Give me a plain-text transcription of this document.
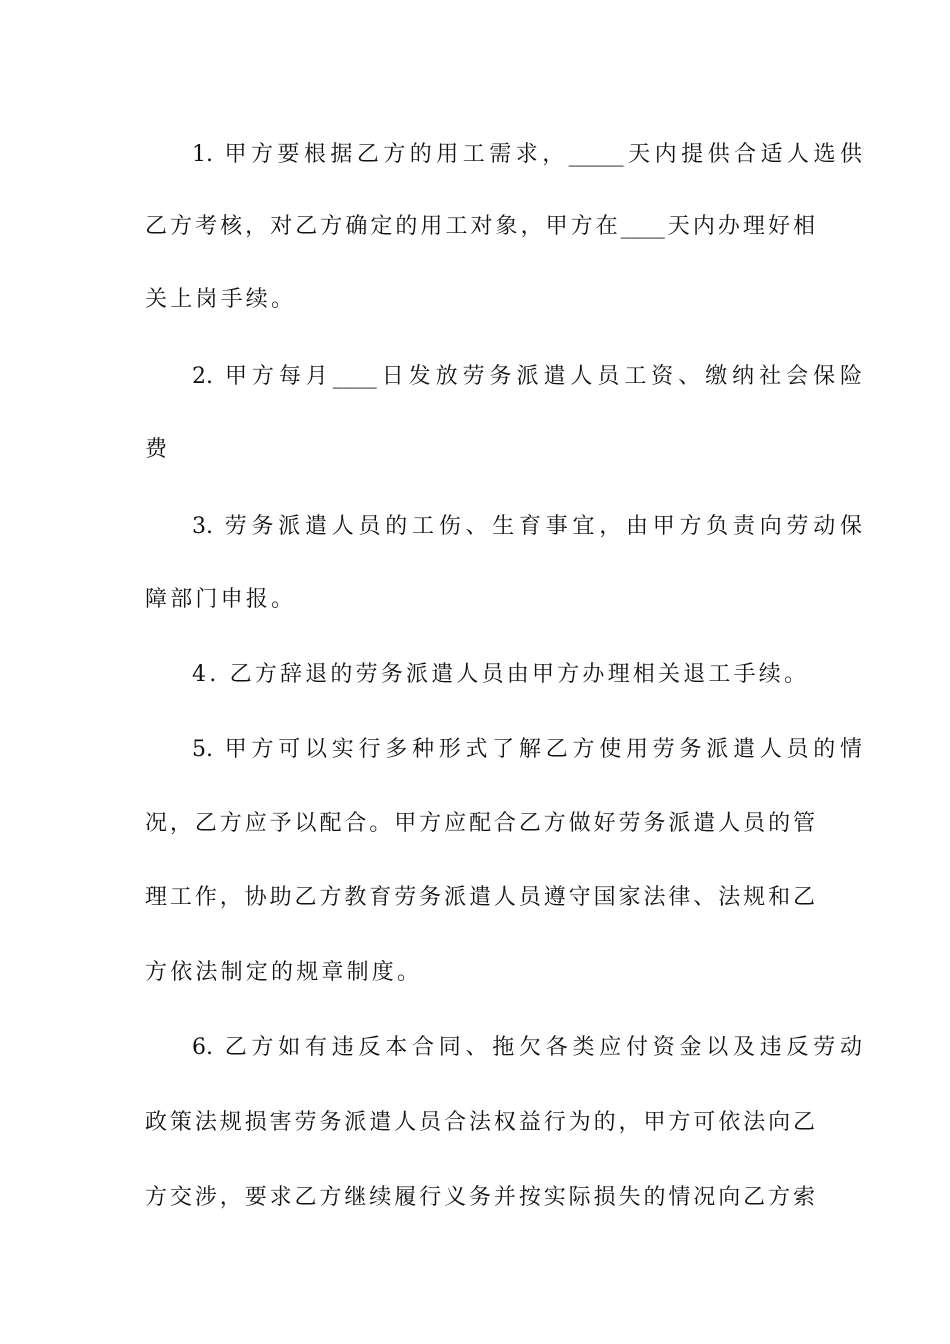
1. 甲方要根据乙方的用工需求，_____天内提供合适人选供
乙方考核，对乙方确定的用工对象，甲方在____天内办理好相
关上岗手续。
2. 甲方每月____日发放劳务派遣人员工资、缴纳社会保险
费
3. 劳务派遣人员的工伤、生育事宜，由甲方负责向劳动保
障部门申报。
4. 乙方辞退的劳务派遣人员由甲方办理相关退工手续。
5. 甲方可以实行多种形式了解乙方使用劳务派遣人员的情
况，乙方应予以配合。甲方应配合乙方做好劳务派遣人员的管
理工作，协助乙方教育劳务派遣人员遵守国家法律、法规和乙
方依法制定的规章制度。
6. 乙方如有违反本合同、拖欠各类应付资金以及违反劳动
政策法规损害劳务派遣人员合法权益行为的，甲方可依法向乙
方交涉，要求乙方继续履行义务并按实际损失的情况向乙方索
